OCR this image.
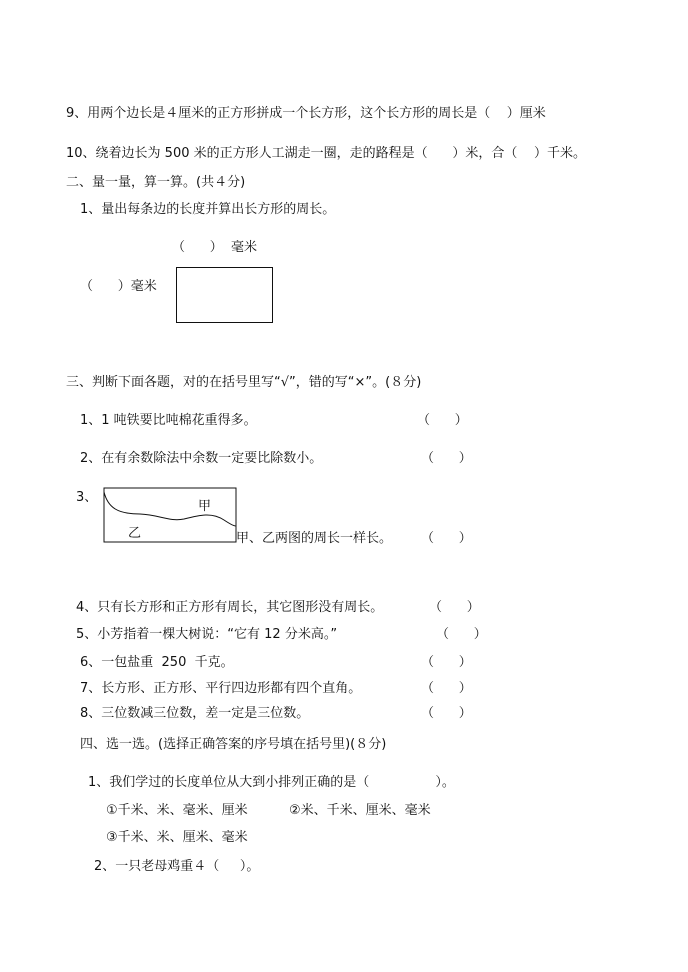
9、用两个边长是４厘米的正方形拼成一个长方形，这个长方形的周长是（    ）厘米
10、绕着边长为 500 米的正方形人工湖走一圈，走的路程是（      ）米，合（    ）千米。
二、量一量，算一算。(共４分)
1、量出每条边的长度并算出长方形的周长。
（      ）  毫米
（      ）毫米
三、判断下面各题，对的在括号里写“√”，错的写“×”。(８分)
1、1 吨铁要比吨棉花重得多。	（      ）
2、在有余数除法中余数一定要比除数小。	（      ）
3、
甲
乙	甲、乙两图的周长一样长。 （      ）
4、只有长方形和正方形有周长，其它图形没有周长。	（      ）
5、小芳指着一棵大树说：“它有 12 分米高。”	（      ）
6、一包盐重  250  千克。	（      ）
7、长方形、正方形、平行四边形都有四个直角。	（      ）
8、三位数减三位数，差一定是三位数。	（      ）
四、选一选。(选择正确答案的序号填在括号里)(８分)
1、我们学过的长度单位从大到小排列正确的是（                ）。
①千米、米、毫米、厘米	②米、千米、厘米、毫米
③千米、米、厘米、毫米
2、一只老母鸡重４（     ）。
